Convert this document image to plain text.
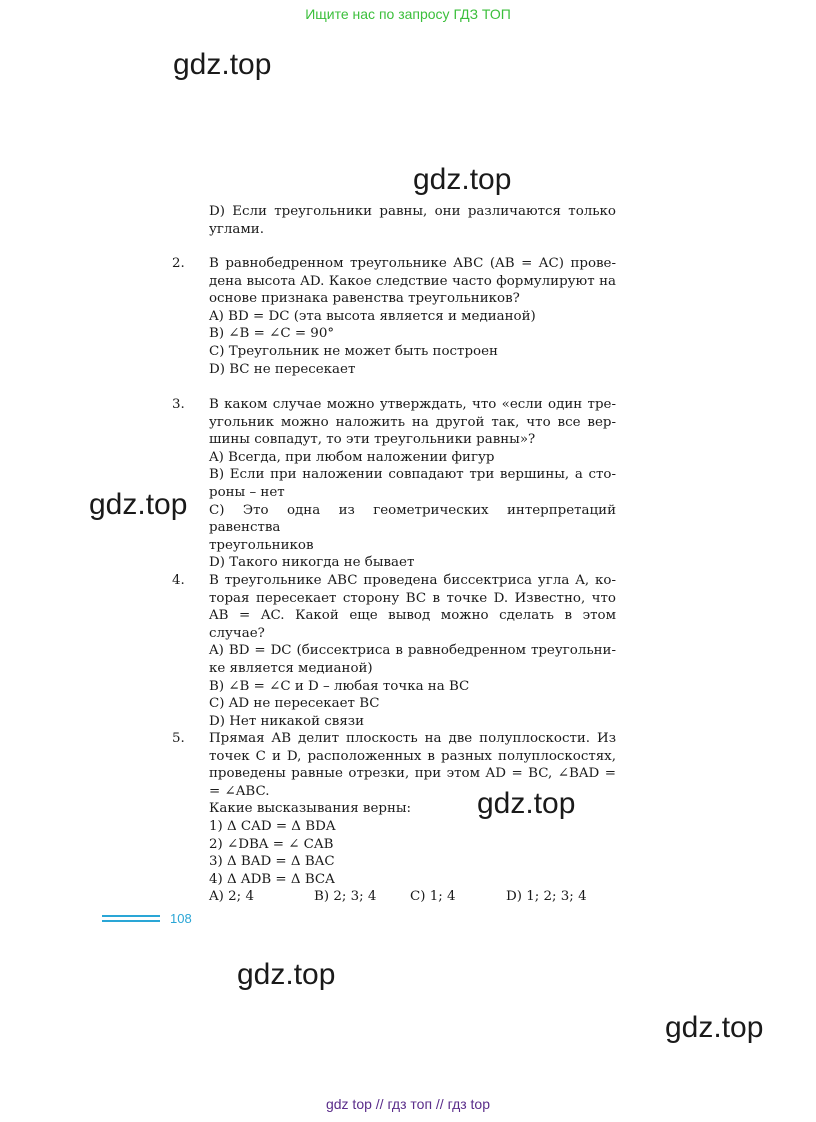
Ищите нас по запросу ГДЗ ТОП
gdz.top
gdz.top
gdz.top
gdz.top
gdz.top
gdz.top
D) Если треугольники равны, они различаются только
углами.
2.	В равнобедренном треугольнике ABC (AB = AC) прове-
дена высота AD. Какое следствие часто формулируют на
основе признака равенства треугольников?
A) BD = DC (эта высота является и медианой)
B) ∠B = ∠C = 90°
C) Треугольник не может быть построен
D) BC не пересекает
3.	В каком случае можно утверждать, что «если один тре-
угольник можно наложить на другой так, что все вер-
шины совпадут, то эти треугольники равны»?
A) Всегда, при любом наложении фигур
B) Если при наложении совпадают три вершины, а сто-
роны – нет
C) Это одна из геометрических интерпретаций равенства
треугольников
D) Такого никогда не бывает
4.	В треугольнике ABC проведена биссектриса угла A, ко-
торая пересекает сторону BC в точке D. Известно, что
AB = AC. Какой еще вывод можно сделать в этом случае?
A) BD = DC (биссектриса в равнобедренном треугольни-
ке является медианой)
B) ∠B = ∠C и D – любая точка на BC
C) AD не пересекает BC
D) Нет никакой связи
5.	Прямая AB делит плоскость на две полуплоскости. Из
точек C и D, расположенных в разных полуплоскостях,
проведены равные отрезки, при этом AD = BC, ∠BAD =
= ∠ABC.
Какие высказывания верны:
1) Δ CAD = Δ BDA
2) ∠DBA = ∠ CAB
3) Δ BAD = Δ BAC
4) Δ ADB = Δ BCA
A) 2; 4	B) 2; 3; 4	C) 1; 4	D) 1; 2; 3; 4
108
gdz top // гдз топ // гдз top
